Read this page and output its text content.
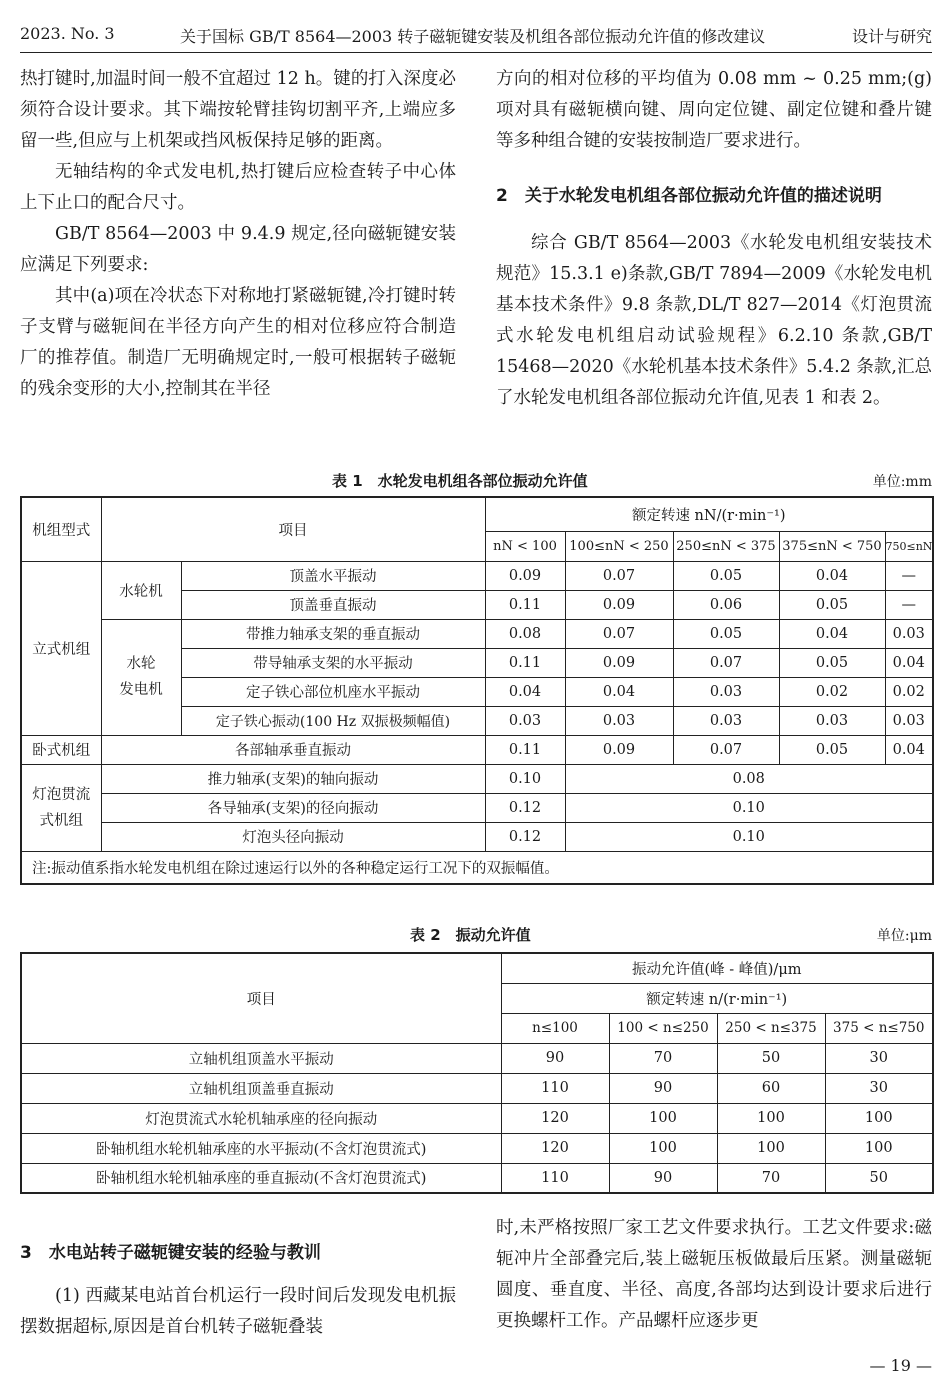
2023. No. 3	关于国标 GB/T 8564—2003 转子磁轭键安装及机组各部位振动允许值的修改建议	设计与研究

热打键时,加温时间一般不宜超过 12 h。键的打入深度必须符合设计要求。其下端按轮臂挂钩切割平齐,上端应多留一些,但应与上机架或挡风板保持足够的距离。

无轴结构的伞式发电机,热打键后应检查转子中心体上下止口的配合尺寸。

GB/T 8564—2003 中 9.4.9 规定,径向磁轭键安装应满足下列要求:

其中(a)项在冷状态下对称地打紧磁轭键,冷打键时转子支臂与磁轭间在半径方向产生的相对位移应符合制造厂的推荐值。制造厂无明确规定时,一般可根据转子磁轭的残余变形的大小,控制其在半径

方向的相对位移的平均值为 0.08 mm ~ 0.25 mm;(g)项对具有磁轭横向键、周向定位键、副定位键和叠片键等多种组合键的安装按制造厂要求进行。

2　关于水轮发电机组各部位振动允许值的描述说明

综合 GB/T 8564—2003《水轮发电机组安装技术规范》15.3.1 e)条款,GB/T 7894—2009《水轮发电机基本技术条件》9.8 条款,DL/T 827—2014《灯泡贯流式水轮发电机组启动试验规程》6.2.10 条款,GB/T 15468—2020《水轮机基本技术条件》5.4.2 条款,汇总了水轮发电机组各部位振动允许值,见表 1 和表 2。

表 1　水轮发电机组各部位振动允许值	单位:mm
机组型式	项目		额定转速 nN/(r·min⁻¹)				
			nN < 100	100≤nN < 250	250≤nN < 375	375≤nN < 750	750≤nN
立式机组	水轮机	顶盖水平振动	0.09	0.07	0.05	0.04	—
		顶盖垂直振动	0.11	0.09	0.06	0.05	—

	水轮
发电机	带推力轴承支架的垂直振动	0.08	0.07	0.05	0.04	0.03
		带导轴承支架的水平振动	0.11	0.09	0.07	0.05	0.04
		定子铁心部位机座水平振动	0.04	0.04	0.03	0.02	0.02
		定子铁心振动(100 Hz 双振极频幅值)	0.03	0.03	0.03	0.03	0.03
卧式机组	各部轴承垂直振动		0.11	0.09	0.07	0.05	0.04

灯泡贯流
式机组	推力轴承(支架)的轴向振动		0.10	0.08			
	各导轴承(支架)的径向振动		0.12	0.10			
	灯泡头径向振动		0.12	0.10			
注:振动值系指水轮发电机组在除过速运行以外的各种稳定运行工况下的双振幅值。							
表 2　振动允许值	单位:μm
项目	振动允许值(峰 - 峰值)/μm			
	额定转速 n/(r·min⁻¹)			
	n≤100	100 < n≤250	250 < n≤375	375 < n≤750
立轴机组顶盖水平振动	90	70	50	30
立轴机组顶盖垂直振动	110	90	60	30
灯泡贯流式水轮机轴承座的径向振动	120	100	100	100
卧轴机组水轮机轴承座的水平振动(不含灯泡贯流式)	120	100	100	100
卧轴机组水轮机轴承座的垂直振动(不含灯泡贯流式)	110	90	70	50
3　水电站转子磁轭键安装的经验与教训

(1) 西藏某电站首台机运行一段时间后发现发电机振摆数据超标,原因是首台机转子磁轭叠装

时,未严格按照厂家工艺文件要求执行。工艺文件要求:磁轭冲片全部叠完后,装上磁轭压板做最后压紧。测量磁轭圆度、垂直度、半径、高度,各部均达到设计要求后进行更换螺杆工作。产品螺杆应逐步更

— 19 —
